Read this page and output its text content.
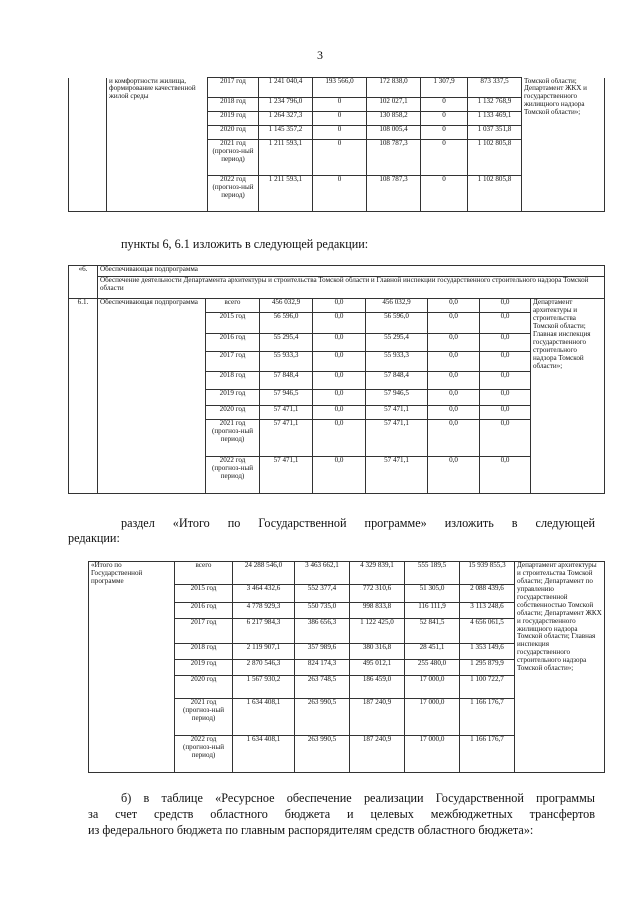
3
	и комфортности жилища, формирование качественной жилой среды	2017 год	1 241 040,4	193 566,0	172 838,0	1 307,9	873 337,5	Томской области; Департамент ЖКХ и государственного жилищного надзора Томской области»;
		2018 год	1 234 796,0	0	102 027,1	0	1 132 768,9	
		2019 год	1 264 327,3	0	130 858,2	0	1 133 469,1	
		2020 год	1 145 357,2	0	108 005,4	0	1 037 351,8	
		2021 год (прогноз-ный период)	1 211 593,1	0	108 787,3	0	1 102 805,8	
		2022 год (прогноз-ный период)	1 211 593,1	0	108 787,3	0	1 102 805,8	
пункты 6, 6.1 изложить в следующей редакции:
«6.	Обеспечивающая подпрограмма							
	Обеспечение деятельности Департамента архитектуры и строительства Томской области и Главной инспекции государственного строительного надзора Томской области							
6.1.	Обеспечивающая подпрограмма	всего	456 032,9	0,0	456 032,9	0,0	0,0	Департамент архитектуры и строительства Томской области; Главная инспекция государственного строительного надзора Томской области»;
		2015 год	56 596,0	0,0	56 596,0	0,0	0,0	
		2016 год	55 295,4	0,0	55 295,4	0,0	0,0	
		2017 год	55 933,3	0,0	55 933,3	0,0	0,0	
		2018 год	57 848,4	0,0	57 848,4	0,0	0,0	
		2019 год	57 946,5	0,0	57 946,5	0,0	0,0	
		2020 год	57 471,1	0,0	57 471,1	0,0	0,0	
		2021 год (прогноз-ный период)	57 471,1	0,0	57 471,1	0,0	0,0	
		2022 год (прогноз-ный период)	57 471,1	0,0	57 471,1	0,0	0,0	
раздел «Итого по Государственной программе» изложить в следующей
редакции:
«Итого по Государственной программе	всего	24 288 546,0	3 463 662,1	4 329 839,1	555 189,5	15 939 855,3	Департамент архитектуры и строительства Томской области; Департамент по управлению государственной собственностью Томской области; Департамент ЖКХ и государственного жилищного надзора Томской области; Главная инспекция государственного строительного надзора Томской области»;
	2015 год	3 464 432,6	552 377,4	772 310,6	51 305,0	2 088 439,6	
	2016 год	4 778 929,3	550 735,0	998 833,8	116 111,9	3 113 248,6	
	2017 год	6 217 984,3	386 656,3	1 122 425,0	52 841,5	4 656 061,5	
	2018 год	2 119 907,1	357 989,6	380 316,8	28 451,1	1 353 149,6	
	2019 год	2 870 546,3	824 174,3	495 012,1	255 480,0	1 295 879,9	
	2020 год	1 567 930,2	263 748,5	186 459,0	17 000,0	1 100 722,7	
	2021 год (прогноз-ный период)	1 634 408,1	263 990,5	187 240,9	17 000,0	1 166 176,7	
	2022 год (прогноз-ный период)	1 634 408,1	263 990,5	187 240,9	17 000,0	1 166 176,7	
б) в таблице «Ресурсное обеспечение реализации Государственной программы
за счет средств областного бюджета и целевых межбюджетных трансфертов
из федерального бюджета по главным распорядителям средств областного бюджета»:
